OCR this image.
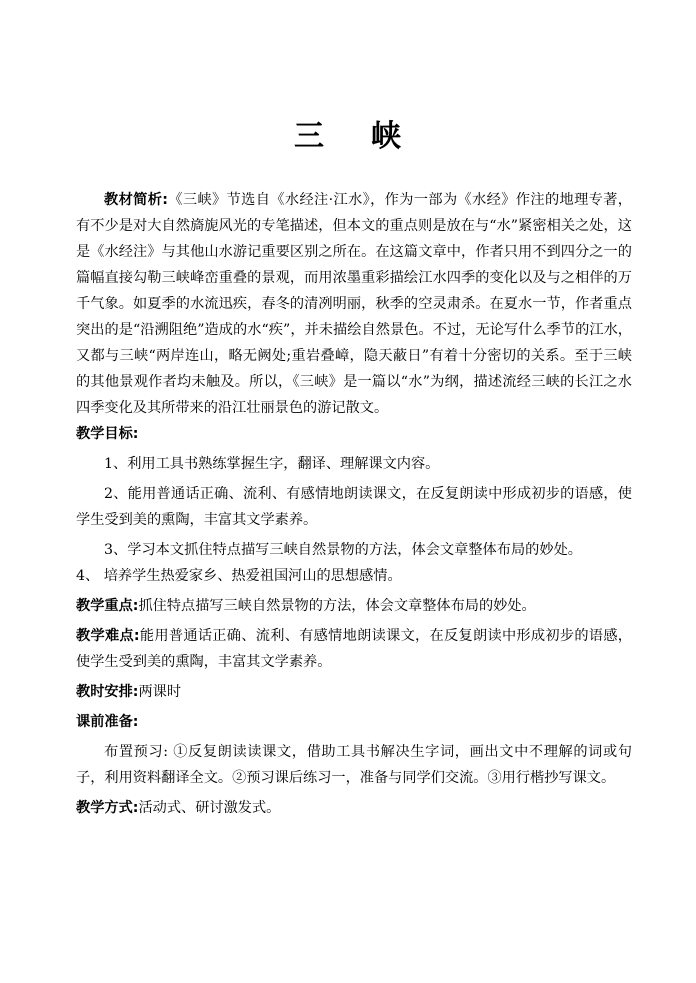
三 峡

教材简析:《三峡》节选自《水经注·江水》，作为一部为《水经》作注的地理专著，有不少是对大自然旖旎风光的专笔描述，但本文的重点则是放在与“水”紧密相关之处，这是《水经注》与其他山水游记重要区别之所在。在这篇文章中，作者只用不到四分之一的篇幅直接勾勒三峡峰峦重叠的景观，而用浓墨重彩描绘江水四季的变化以及与之相伴的万千气象。如夏季的水流迅疾，春冬的清冽明丽，秋季的空灵肃杀。在夏水一节，作者重点突出的是“沿溯阻绝”造成的水“疾”，并未描绘自然景色。不过，无论写什么季节的江水，又都与三峡“两岸连山，略无阙处;重岩叠嶂，隐天蔽日”有着十分密切的关系。至于三峡的其他景观作者均未触及。所以，《三峡》是一篇以“水”为纲，描述流经三峡的长江之水四季变化及其所带来的沿江壮丽景色的游记散文。

教学目标:

1、利用工具书熟练掌握生字，翻译、理解课文内容。

2、能用普通话正确、流利、有感情地朗读课文，在反复朗读中形成初步的语感，使学生受到美的熏陶，丰富其文学素养。

3、学习本文抓住特点描写三峡自然景物的方法，体会文章整体布局的妙处。4、 培养学生热爱家乡、热爱祖国河山的思想感情。

教学重点:抓住特点描写三峡自然景物的方法，体会文章整体布局的妙处。

教学难点:能用普通话正确、流利、有感情地朗读课文，在反复朗读中形成初步的语感，使学生受到美的熏陶，丰富其文学素养。

教时安排:两课时

课前准备:

布置预习: ①反复朗读读课文，借助工具书解决生字词，画出文中不理解的词或句子，利用资料翻译全文。②预习课后练习一，准备与同学们交流。③用行楷抄写课文。

教学方式:活动式、研讨激发式。
